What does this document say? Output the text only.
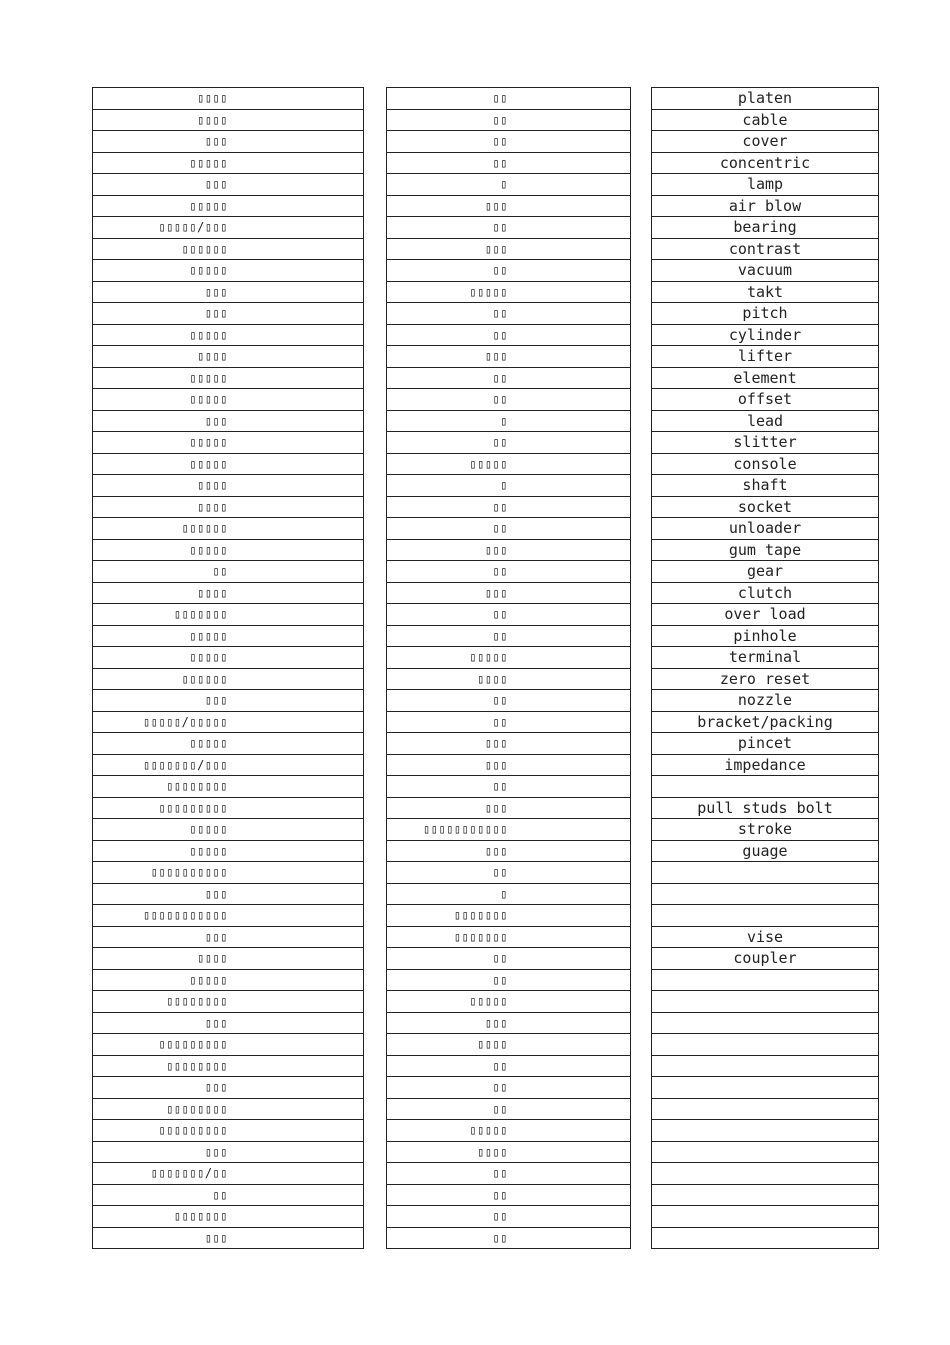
▯▯▯▯
▯▯▯▯
▯▯▯
▯▯▯▯▯
▯▯▯
▯▯▯▯▯
▯▯▯▯▯/▯▯▯
▯▯▯▯▯▯
▯▯▯▯▯
▯▯▯
▯▯▯
▯▯▯▯▯
▯▯▯▯
▯▯▯▯▯
▯▯▯▯▯
▯▯▯
▯▯▯▯▯
▯▯▯▯▯
▯▯▯▯
▯▯▯▯
▯▯▯▯▯▯
▯▯▯▯▯
▯▯
▯▯▯▯
▯▯▯▯▯▯▯
▯▯▯▯▯
▯▯▯▯▯
▯▯▯▯▯▯
▯▯▯
▯▯▯▯▯/▯▯▯▯▯
▯▯▯▯▯
▯▯▯▯▯▯▯/▯▯▯
▯▯▯▯▯▯▯▯
▯▯▯▯▯▯▯▯▯
▯▯▯▯▯
▯▯▯▯▯
▯▯▯▯▯▯▯▯▯▯
▯▯▯
▯▯▯▯▯▯▯▯▯▯▯
▯▯▯
▯▯▯▯
▯▯▯▯▯
▯▯▯▯▯▯▯▯
▯▯▯
▯▯▯▯▯▯▯▯▯
▯▯▯▯▯▯▯▯
▯▯▯
▯▯▯▯▯▯▯▯
▯▯▯▯▯▯▯▯▯
▯▯▯
▯▯▯▯▯▯▯/▯▯
▯▯
▯▯▯▯▯▯▯
▯▯▯
▯▯
▯▯
▯▯
▯▯
▯
▯▯▯
▯▯
▯▯▯
▯▯
▯▯▯▯▯
▯▯
▯▯
▯▯▯
▯▯
▯▯
▯
▯▯
▯▯▯▯▯
▯
▯▯
▯▯
▯▯▯
▯▯
▯▯▯
▯▯
▯▯
▯▯▯▯▯
▯▯▯▯
▯▯
▯▯
▯▯▯
▯▯▯
▯▯
▯▯▯
▯▯▯▯▯▯▯▯▯▯▯
▯▯▯
▯▯
▯
▯▯▯▯▯▯▯
▯▯▯▯▯▯▯
▯▯
▯▯
▯▯▯▯▯
▯▯▯
▯▯▯▯
▯▯
▯▯
▯▯
▯▯▯▯▯
▯▯▯▯
▯▯
▯▯
▯▯
▯▯
platen
cable
cover
concentric
lamp
air blow
bearing
contrast
vacuum
takt
pitch
cylinder
lifter
element
offset
lead
slitter
console
shaft
socket
unloader
gum tape
gear
clutch
over load
pinhole
terminal
zero reset
nozzle
bracket/packing
pincet
impedance
pull studs bolt
stroke
guage
vise
coupler
